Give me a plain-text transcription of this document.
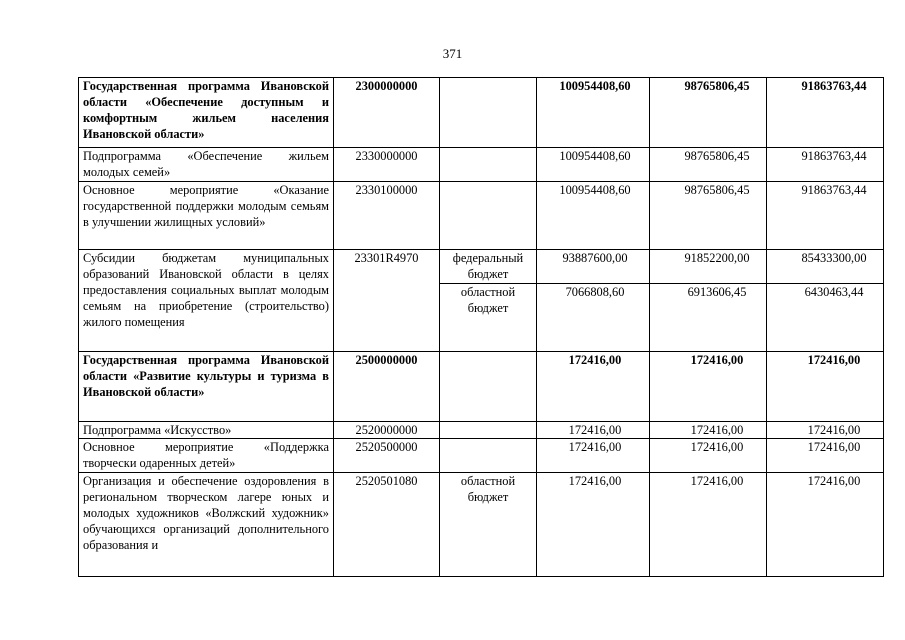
371
Государственная программа Ивановской области «Обеспечение доступным и комфортным жильем населения Ивановской области»	2300000000		100954408,60	98765806,45	91863763,44
Подпрограмма «Обеспечение жильем молодых семей»	2330000000		100954408,60	98765806,45	91863763,44
Основное мероприятие «Оказание государственной поддержки молодым семьям в улучшении жилищных условий»	2330100000		100954408,60	98765806,45	91863763,44
Субсидии бюджетам муниципальных образований Ивановской области в целях предоставления социальных выплат молодым семьям на приобретение (строительство) жилого помещения	23301R4970	федеральный бюджет	93887600,00	91852200,00	85433300,00
		областной бюджет	7066808,60	6913606,45	6430463,44
Государственная программа Ивановской области «Развитие культуры и туризма в Ивановской области»	2500000000		172416,00	172416,00	172416,00
Подпрограмма «Искусство»	2520000000		172416,00	172416,00	172416,00
Основное мероприятие «Поддержка творчески одаренных детей»	2520500000		172416,00	172416,00	172416,00
Организация и обеспечение оздоровления в региональном творческом лагере юных и молодых художников «Волжский художник» обучающихся организаций дополнительного образования и	2520501080	областной бюджет	172416,00	172416,00	172416,00
